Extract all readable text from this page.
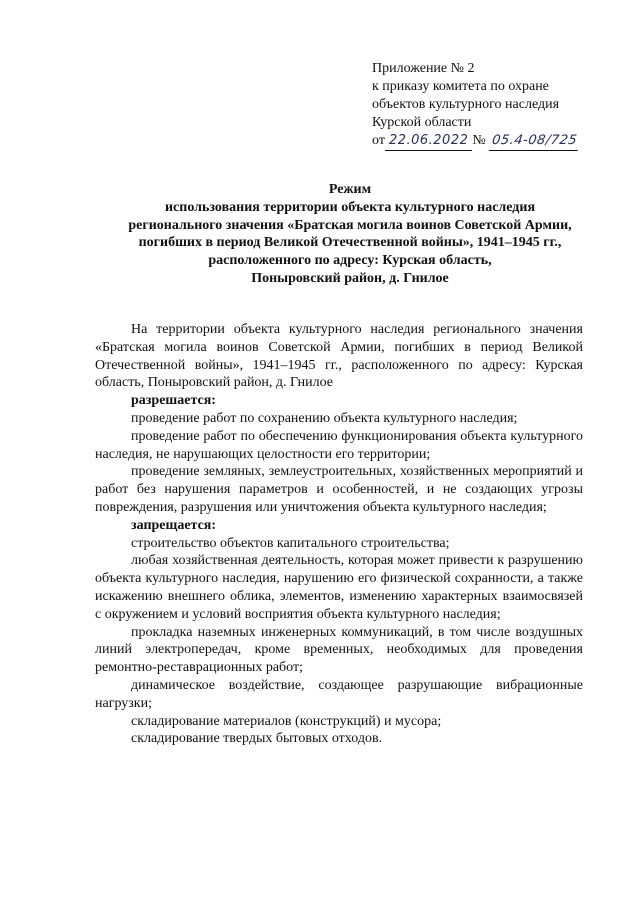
Приложение № 2
к приказу комитета по охране
объектов культурного наследия
Курской области
от 22.06.2022 № 05.4-08/725
Режим
использования территории объекта культурного наследия
регионального значения «Братская могила воинов Советской Армии,
погибших в период Великой Отечественной войны», 1941–1945 гг.,
расположенного по адресу: Курская область,
Поныровский район, д. Гнилое

На территории объекта культурного наследия регионального значения «Братская могила воинов Советской Армии, погибших в период Великой Отечественной войны», 1941–1945 гг., расположенного по адресу: Курская область, Поныровский район, д. Гнилое

разрешается:

проведение работ по сохранению объекта культурного наследия;

проведение работ по обеспечению функционирования объекта культурного наследия, не нарушающих целостности его территории;

проведение земляных, землеустроительных, хозяйственных мероприятий и работ без нарушения параметров и особенностей, и не создающих угрозы повреждения, разрушения или уничтожения объекта культурного наследия;

запрещается:

строительство объектов капитального строительства;

любая хозяйственная деятельность, которая может привести к разрушению объекта культурного наследия, нарушению его физической сохранности, а также искажению внешнего облика, элементов, изменению характерных взаимосвязей с окружением и условий восприятия объекта культурного наследия;

прокладка наземных инженерных коммуникаций, в том числе воздушных линий электропередач, кроме временных, необходимых для проведения ремонтно-реставрационных работ;

динамическое воздействие, создающее разрушающие вибрационные нагрузки;

складирование материалов (конструкций) и мусора;

складирование твердых бытовых отходов.
